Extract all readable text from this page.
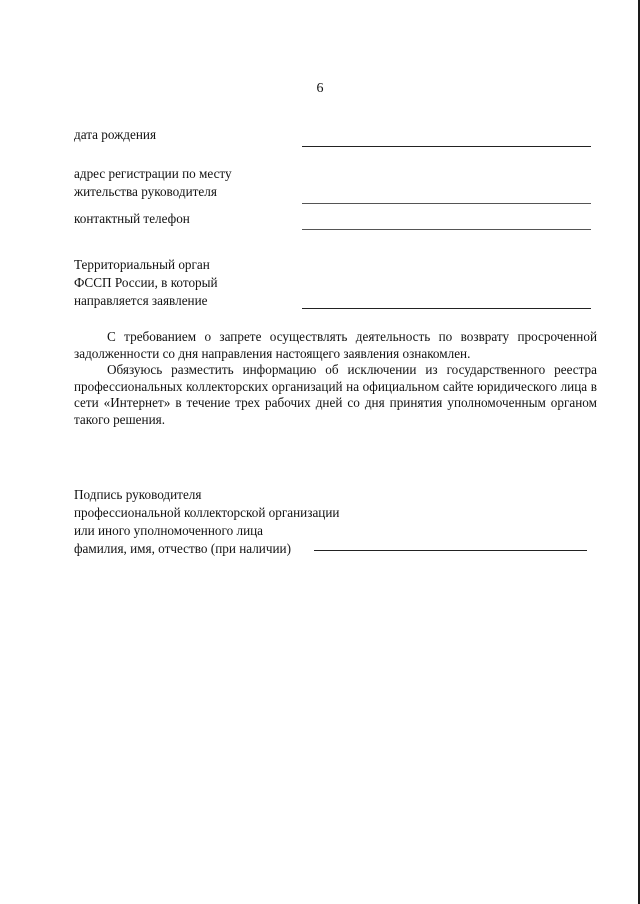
6
дата рождения
адрес регистрации по месту
жительства руководителя
контактный телефон
Территориальный орган
ФССП России, в который
направляется заявление

С требованием о запрете осуществлять деятельность по возврату просроченной задолженности со дня направления настоящего заявления ознакомлен.

Обязуюсь разместить информацию об исключении из государственного реестра профессиональных коллекторских организаций на официальном сайте юридического лица в сети «Интернет» в течение трех рабочих дней со дня принятия уполномоченным органом такого решения.

Подпись руководителя
профессиональной коллекторской организации
или иного уполномоченного лица
фамилия, имя, отчество (при наличии)
